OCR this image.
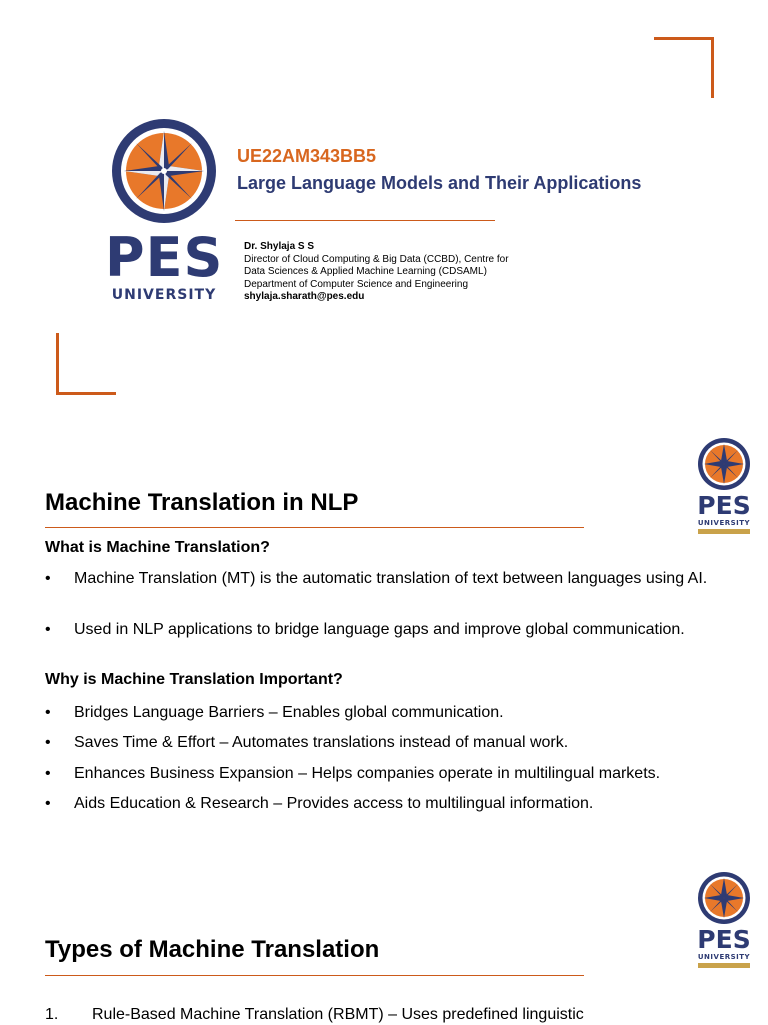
PES
UNIVERSITY
UE22AM343BB5
Large Language Models and Their Applications
Dr. Shylaja S S
Director of Cloud Computing & Big Data (CCBD), Centre for
Data Sciences & Applied Machine Learning (CDSAML)
Department of Computer Science and Engineering
shylaja.sharath@pes.edu
PES
UNIVERSITY
Machine Translation in NLP
What is Machine Translation?
•	Machine Translation (MT) is the automatic translation of text between languages using AI.
•	Used in NLP applications to bridge language gaps and improve global communication.
Why is Machine Translation Important?
•	Bridges Language Barriers – Enables global communication.
•	Saves Time & Effort – Automates translations instead of manual work.
•	Enhances Business Expansion – Helps companies operate in multilingual markets.
•	Aids Education & Research – Provides access to multilingual information.
PES
UNIVERSITY
Types of Machine Translation
1. Rule-Based Machine Translation (RBMT) – Uses predefined linguistic
